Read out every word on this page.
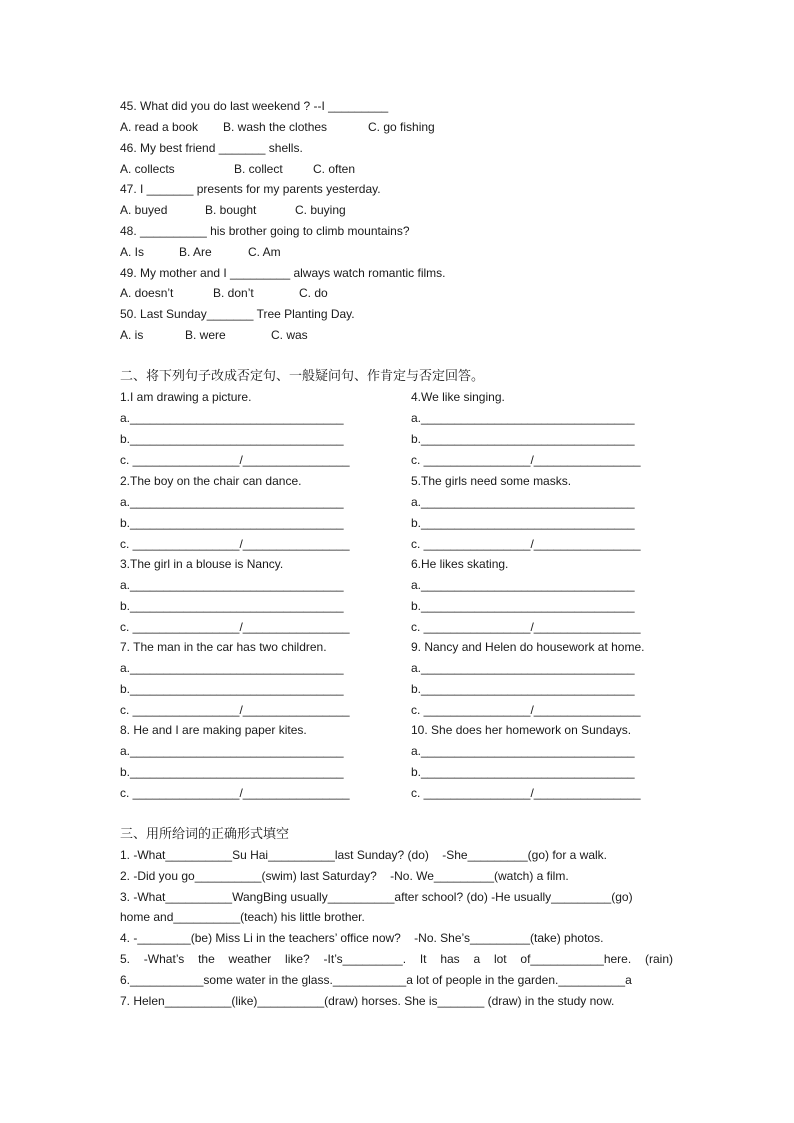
45. What did you do last weekend ? --I _________
A. read a book B. wash the clothes	C. go fishing
46. My best friend _______ shells.
A. collects	B. collect	C. often
47. I _______ presents for my parents yesterday.
A. buyed	B. bought	C. buying
48. __________ his brother going to climb mountains?
A. Is	B. Are	C. Am
49. My mother and I _________ always watch romantic films.
A. doesn’t	B. don’t	C. do
50. Last Sunday_______ Tree Planting Day.
A. is	B. were	C. was
二、将下列句子改成否定句、一般疑问句、作肯定与否定回答。
1.I am drawing a picture.
a.________________________________
b.________________________________
c. ________________/________________
2.The boy on the chair can dance.
a.________________________________
b.________________________________
c. ________________/________________
3.The girl in a blouse is Nancy.
a.________________________________
b.________________________________
c. ________________/________________
7. The man in the car has two children.
a.________________________________
b.________________________________
c. ________________/________________
8. He and I are making paper kites.
a.________________________________
b.________________________________
c. ________________/________________
4.We like singing.
a.________________________________
b.________________________________
c. ________________/________________
5.The girls need some masks.
a.________________________________
b.________________________________
c. ________________/________________
6.He likes skating.
a.________________________________
b.________________________________
c. ________________/________________
9. Nancy and Helen do housework at home.
a.________________________________
b.________________________________
c. ________________/________________
10. She does her homework on Sundays.
a.________________________________
b.________________________________
c. ________________/________________
三、用所给词的正确形式填空
1. -What__________Su Hai__________last Sunday? (do)    -She_________(go) for a walk.
2. -Did you go__________(swim) last Saturday?    -No. We_________(watch) a film.
3. -What__________WangBing usually__________after school? (do) -He usually_________(go)
home and__________(teach) his little brother.
4. -________(be) Miss Li in the teachers’ office now?    -No. She’s_________(take) photos.
5. -What’s the weather like? -It’s_________. It has a lot of___________here. (rain)
6.___________some water in the glass.___________a lot of people in the garden.__________a
7. Helen__________(like)__________(draw) horses. She is_______ (draw) in the study now.
